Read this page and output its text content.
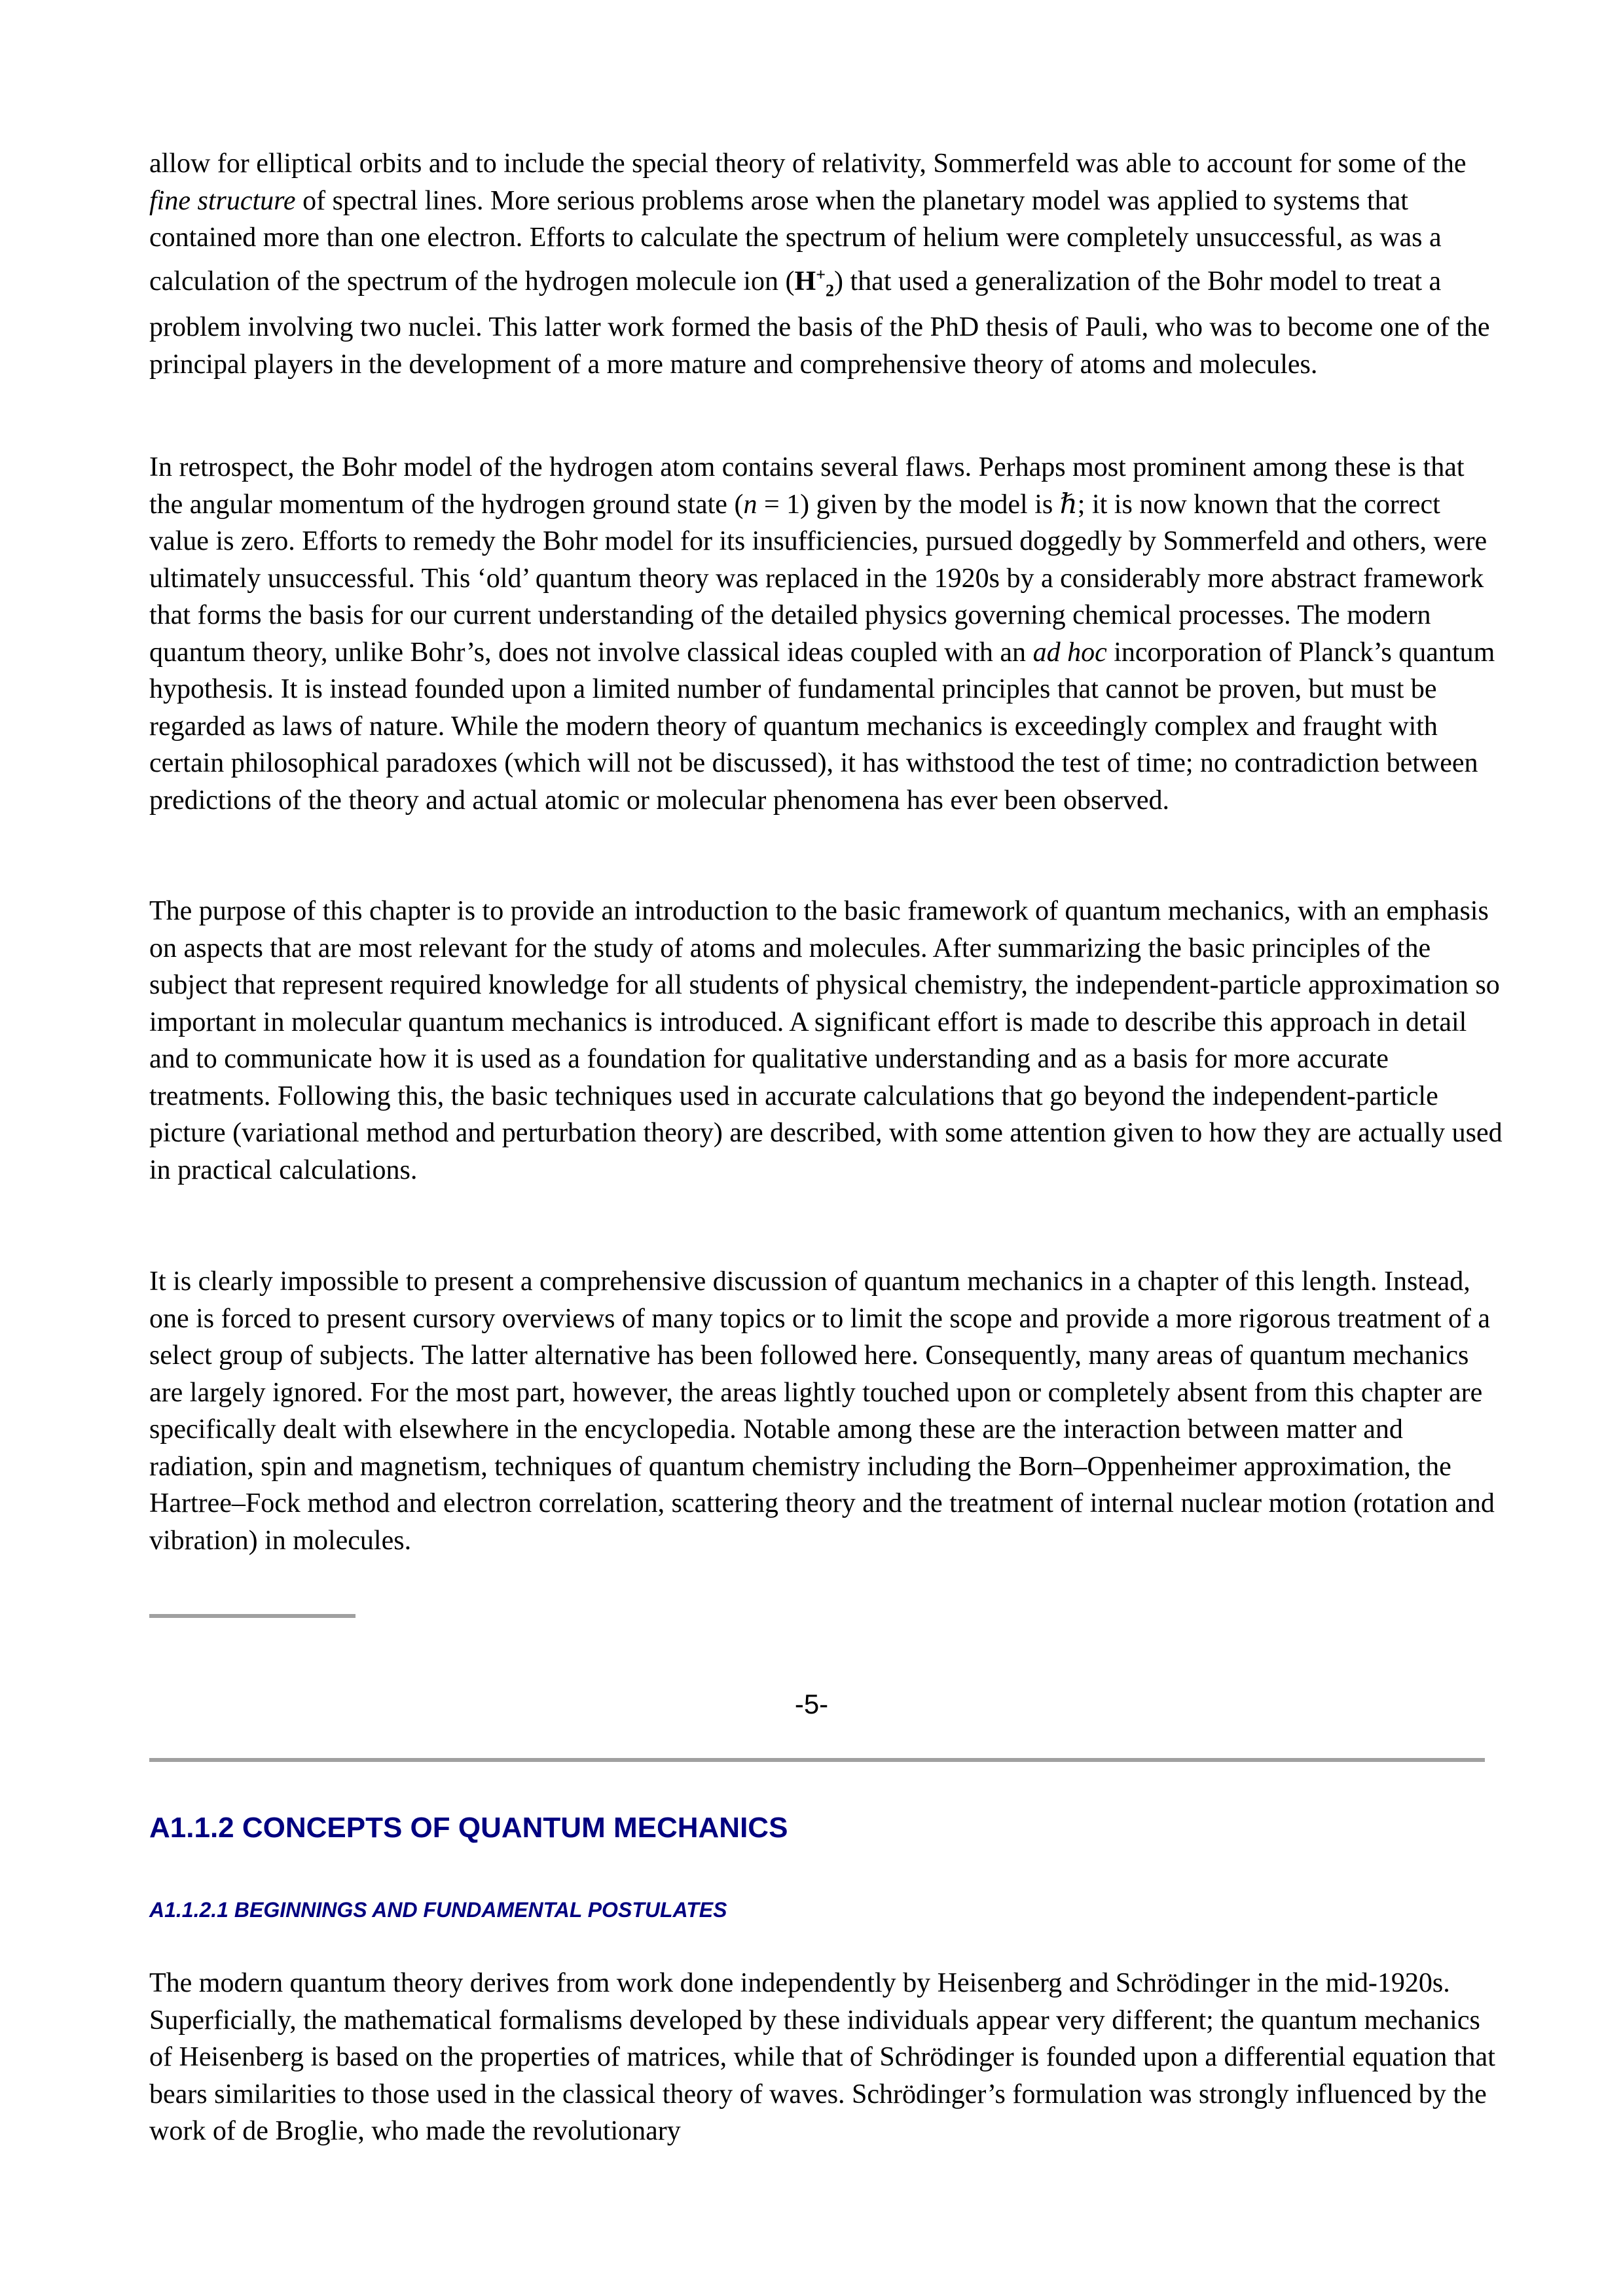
allow for elliptical orbits and to include the special theory of relativity, Sommerfeld was able to account for some of the fine structure of spectral lines. More serious problems arose when the planetary model was applied to systems that contained more than one electron. Efforts to calculate the spectrum of helium were completely unsuccessful, as was a calculation of the spectrum of the hydrogen molecule ion $(H^+_2)$ that used a generalization of the Bohr model to treat a problem involving two nuclei. This latter work formed the basis of the PhD thesis of Pauli, who was to become one of the principal players in the development of a more mature and comprehensive theory of atoms and molecules.

In retrospect, the Bohr model of the hydrogen atom contains several flaws. Perhaps most prominent among these is that the angular momentum of the hydrogen ground state (n = 1) given by the model is ℏ; it is now known that the correct value is zero. Efforts to remedy the Bohr model for its insufficiencies, pursued doggedly by Sommerfeld and others, were ultimately unsuccessful. This ‘old’ quantum theory was replaced in the 1920s by a considerably more abstract framework that forms the basis for our current understanding of the detailed physics governing chemical processes. The modern quantum theory, unlike Bohr’s, does not involve classical ideas coupled with an ad hoc incorporation of Planck’s quantum hypothesis. It is instead founded upon a limited number of fundamental principles that cannot be proven, but must be regarded as laws of nature. While the modern theory of quantum mechanics is exceedingly complex and fraught with certain philosophical paradoxes (which will not be discussed), it has withstood the test of time; no contradiction between predictions of the theory and actual atomic or molecular phenomena has ever been observed.

The purpose of this chapter is to provide an introduction to the basic framework of quantum mechanics, with an emphasis on aspects that are most relevant for the study of atoms and molecules. After summarizing the basic principles of the subject that represent required knowledge for all students of physical chemistry, the independent-particle approximation so important in molecular quantum mechanics is introduced. A significant effort is made to describe this approach in detail and to communicate how it is used as a foundation for qualitative understanding and as a basis for more accurate treatments. Following this, the basic techniques used in accurate calculations that go beyond the independent-particle picture (variational method and perturbation theory) are described, with some attention given to how they are actually used in practical calculations.

It is clearly impossible to present a comprehensive discussion of quantum mechanics in a chapter of this length. Instead, one is forced to present cursory overviews of many topics or to limit the scope and provide a more rigorous treatment of a select group of subjects. The latter alternative has been followed here. Consequently, many areas of quantum mechanics are largely ignored. For the most part, however, the areas lightly touched upon or completely absent from this chapter are specifically dealt with elsewhere in the encyclopedia. Notable among these are the interaction between matter and radiation, spin and magnetism, techniques of quantum chemistry including the Born–Oppenheimer approximation, the Hartree–Fock method and electron correlation, scattering theory and the treatment of internal nuclear motion (rotation and vibration) in molecules.

-5-
A1.1.2 CONCEPTS OF QUANTUM MECHANICS
A1.1.2.1 BEGINNINGS AND FUNDAMENTAL POSTULATES

The modern quantum theory derives from work done independently by Heisenberg and Schrödinger in the mid-1920s. Superficially, the mathematical formalisms developed by these individuals appear very different; the quantum mechanics of Heisenberg is based on the properties of matrices, while that of Schrödinger is founded upon a differential equation that bears similarities to those used in the classical theory of waves. Schrödinger’s formulation was strongly influenced by the work of de Broglie, who made the revolutionary
